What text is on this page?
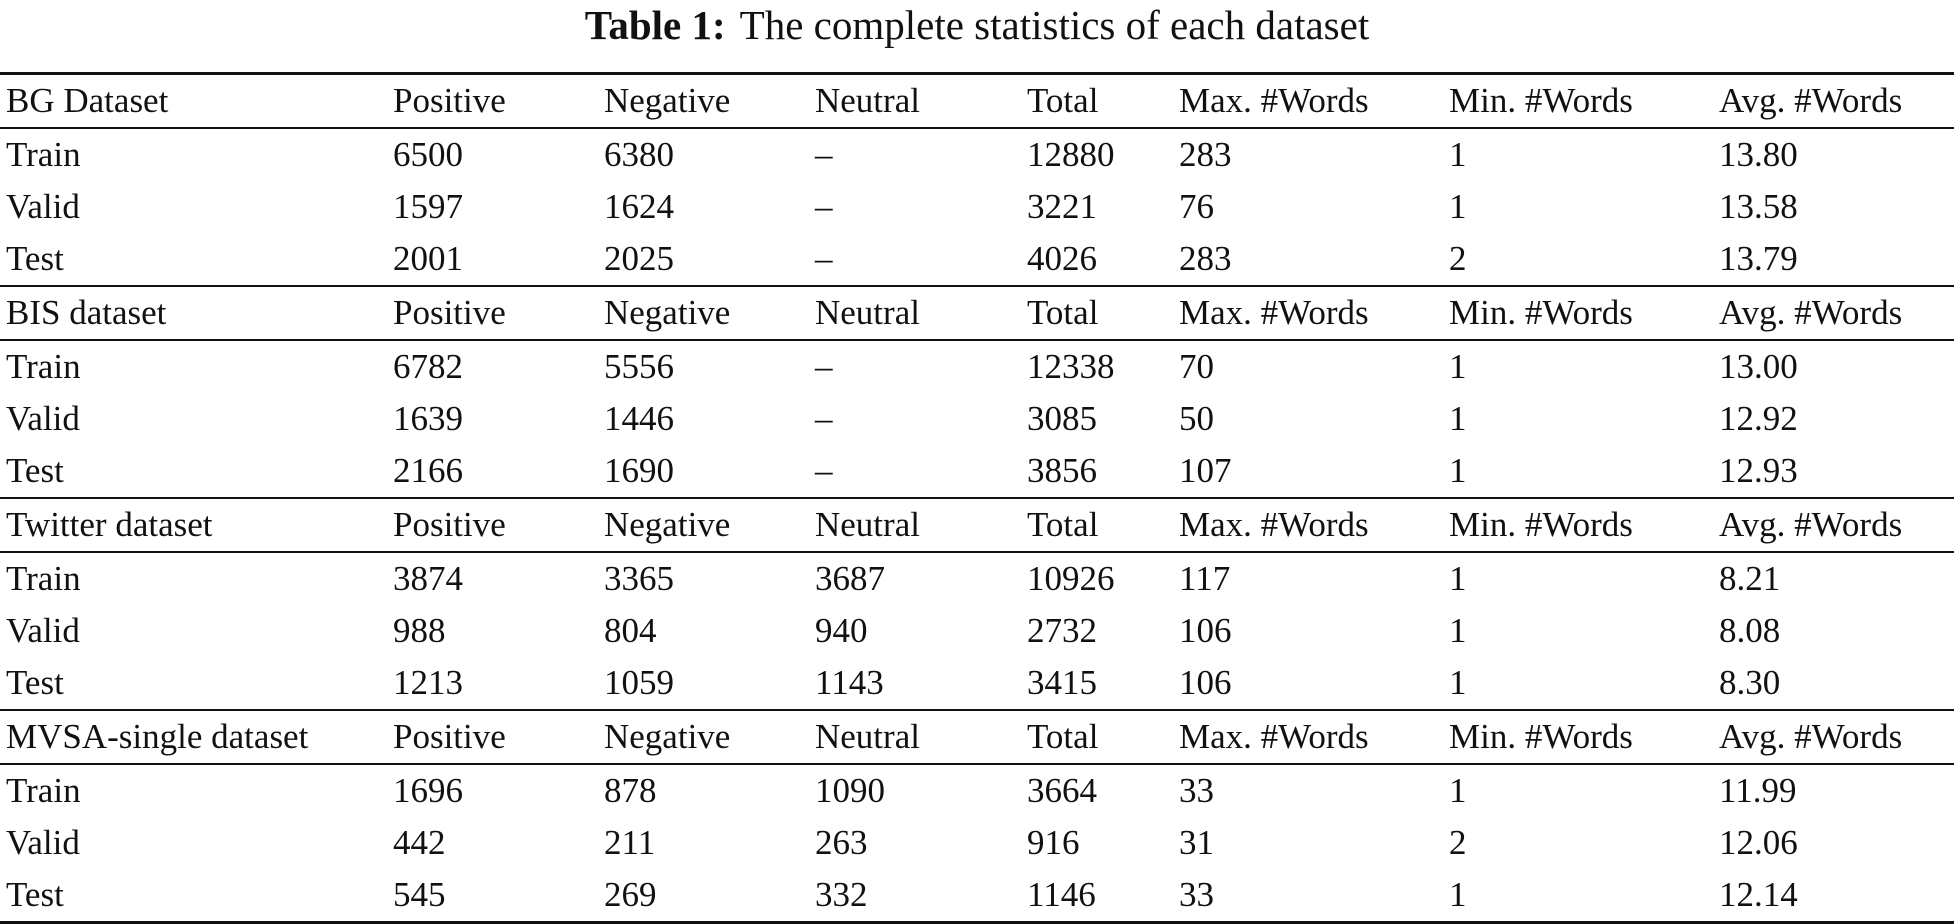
Table 1: The complete statistics of each dataset
BG Dataset	Positive	Negative	Neutral	Total	Max. #Words	Min. #Words	Avg. #Words
Train	6500	6380	–	12880	283	1	13.80
Valid	1597	1624	–	3221	76	1	13.58
Test	2001	2025	–	4026	283	2	13.79
BIS dataset	Positive	Negative	Neutral	Total	Max. #Words	Min. #Words	Avg. #Words
Train	6782	5556	–	12338	70	1	13.00
Valid	1639	1446	–	3085	50	1	12.92
Test	2166	1690	–	3856	107	1	12.93
Twitter dataset	Positive	Negative	Neutral	Total	Max. #Words	Min. #Words	Avg. #Words
Train	3874	3365	3687	10926	117	1	8.21
Valid	988	804	940	2732	106	1	8.08
Test	1213	1059	1143	3415	106	1	8.30
MVSA-single dataset	Positive	Negative	Neutral	Total	Max. #Words	Min. #Words	Avg. #Words
Train	1696	878	1090	3664	33	1	11.99
Valid	442	211	263	916	31	2	12.06
Test	545	269	332	1146	33	1	12.14
